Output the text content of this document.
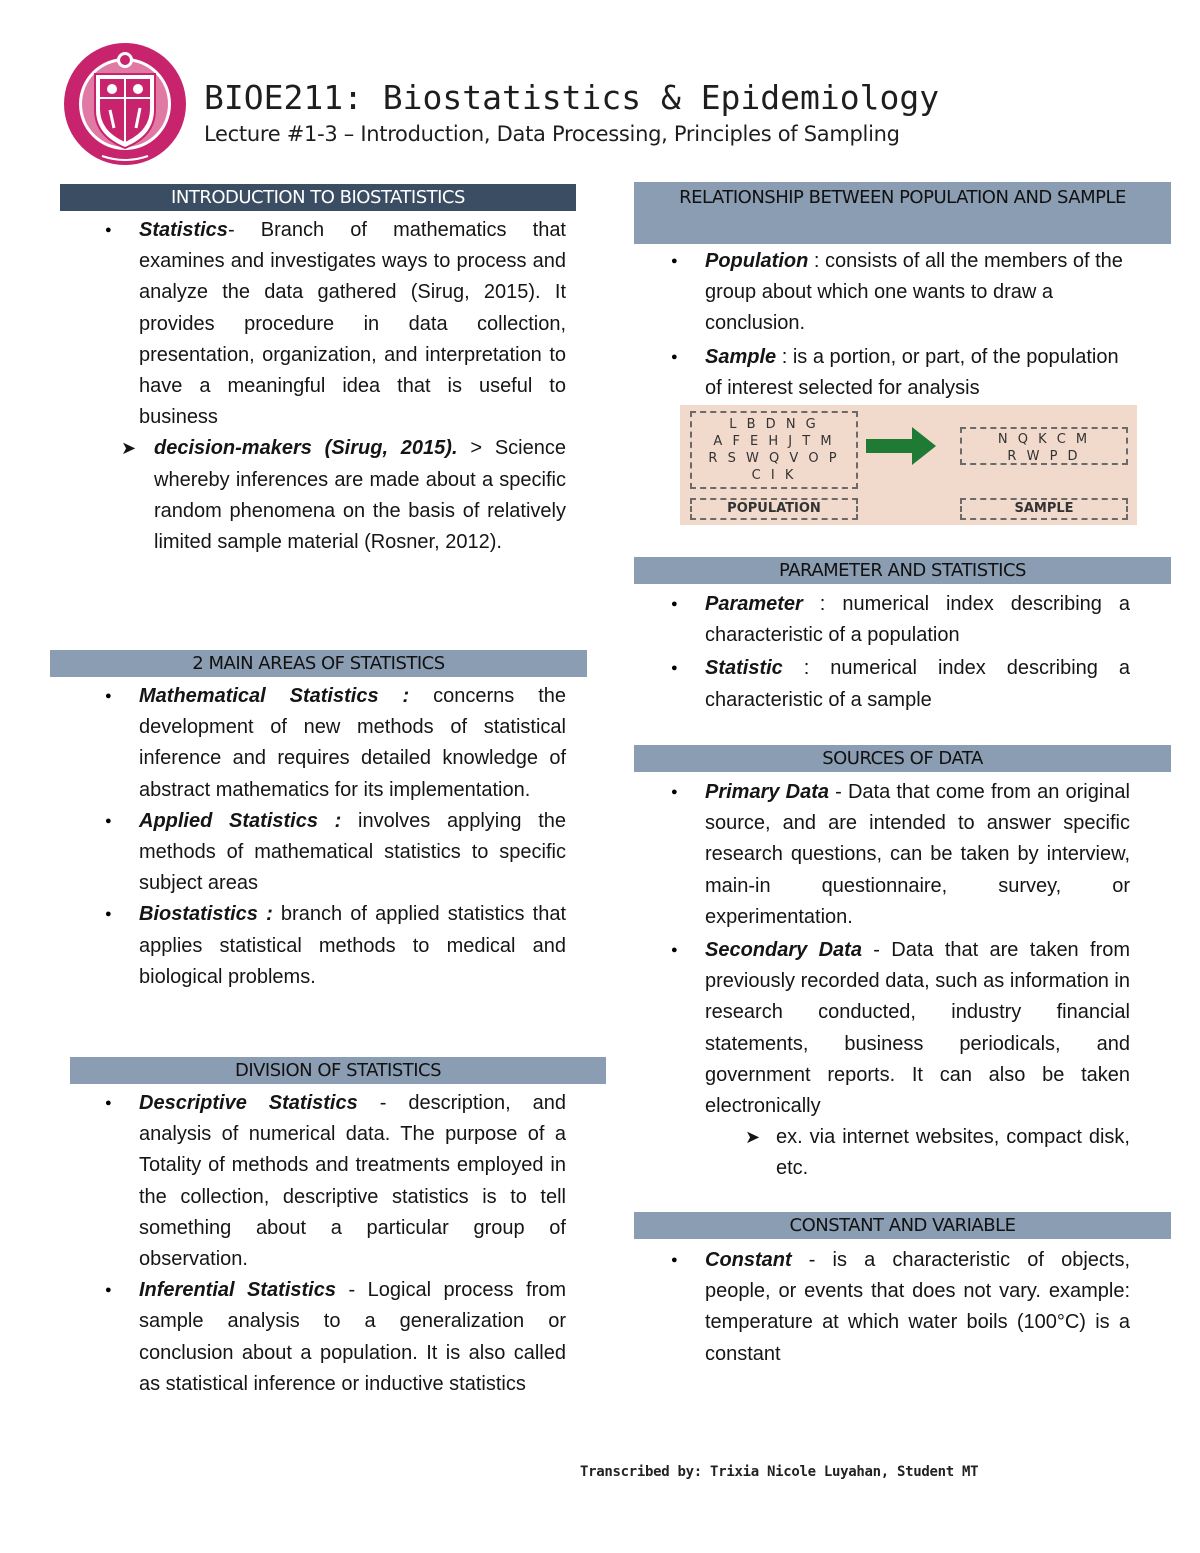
BIOE211: Biostatistics & Epidemiology

Lecture #1-3 – Introduction, Data Processing, Principles of Sampling

INTRODUCTION TO BIOSTATISTICS
● Statistics- Branch of mathematics that examines and investigates ways to process and analyze the data gathered (Sirug, 2015). It provides procedure in data collection, presentation, organization, and interpretation to have a meaningful idea that is useful to business
➤ decision-makers (Sirug, 2015). > Science whereby inferences are made about a specific random phenomena on the basis of relatively limited sample material (Rosner, 2012).
2 MAIN AREAS OF STATISTICS
● Mathematical Statistics : concerns the development of new methods of statistical inference and requires detailed knowledge of abstract mathematics for its implementation.
● Applied Statistics : involves applying the methods of mathematical statistics to specific subject areas
● Biostatistics : branch of applied statistics that applies statistical methods to medical and biological problems.
DIVISION OF STATISTICS
● Descriptive Statistics - description, and analysis of numerical data. The purpose of a Totality of methods and treatments employed in the collection, descriptive statistics is to tell something about a particular group of observation.
● Inferential Statistics - Logical process from sample analysis to a generalization or conclusion about a population. It is also called as statistical inference or inductive statistics
RELATIONSHIP BETWEEN POPULATION AND SAMPLE
● Population : consists of all the members of the group about which one wants to draw a conclusion.
● Sample : is a portion, or part, of the population of interest selected for analysis
L B D N G
A F E H J T M
R S W Q V O P
C I K
N Q K C M
R W P D
POPULATION	SAMPLE
PARAMETER AND STATISTICS
● Parameter : numerical index describing a characteristic of a population
● Statistic : numerical index describing a characteristic of a sample
SOURCES OF DATA
● Primary Data - Data that come from an original source, and are intended to answer specific research questions, can be taken by interview, main-in questionnaire, survey, or experimentation.
● Secondary Data - Data that are taken from previously recorded data, such as information in research conducted, industry financial statements, business periodicals, and government reports. It can also be taken electronically
➤ ex. via internet websites, compact disk, etc.
CONSTANT AND VARIABLE
● Constant - is a characteristic of objects, people, or events that does not vary. example: temperature at which water boils (100°C) is a constant
Transcribed by: Trixia Nicole Luyahan, Student MT
